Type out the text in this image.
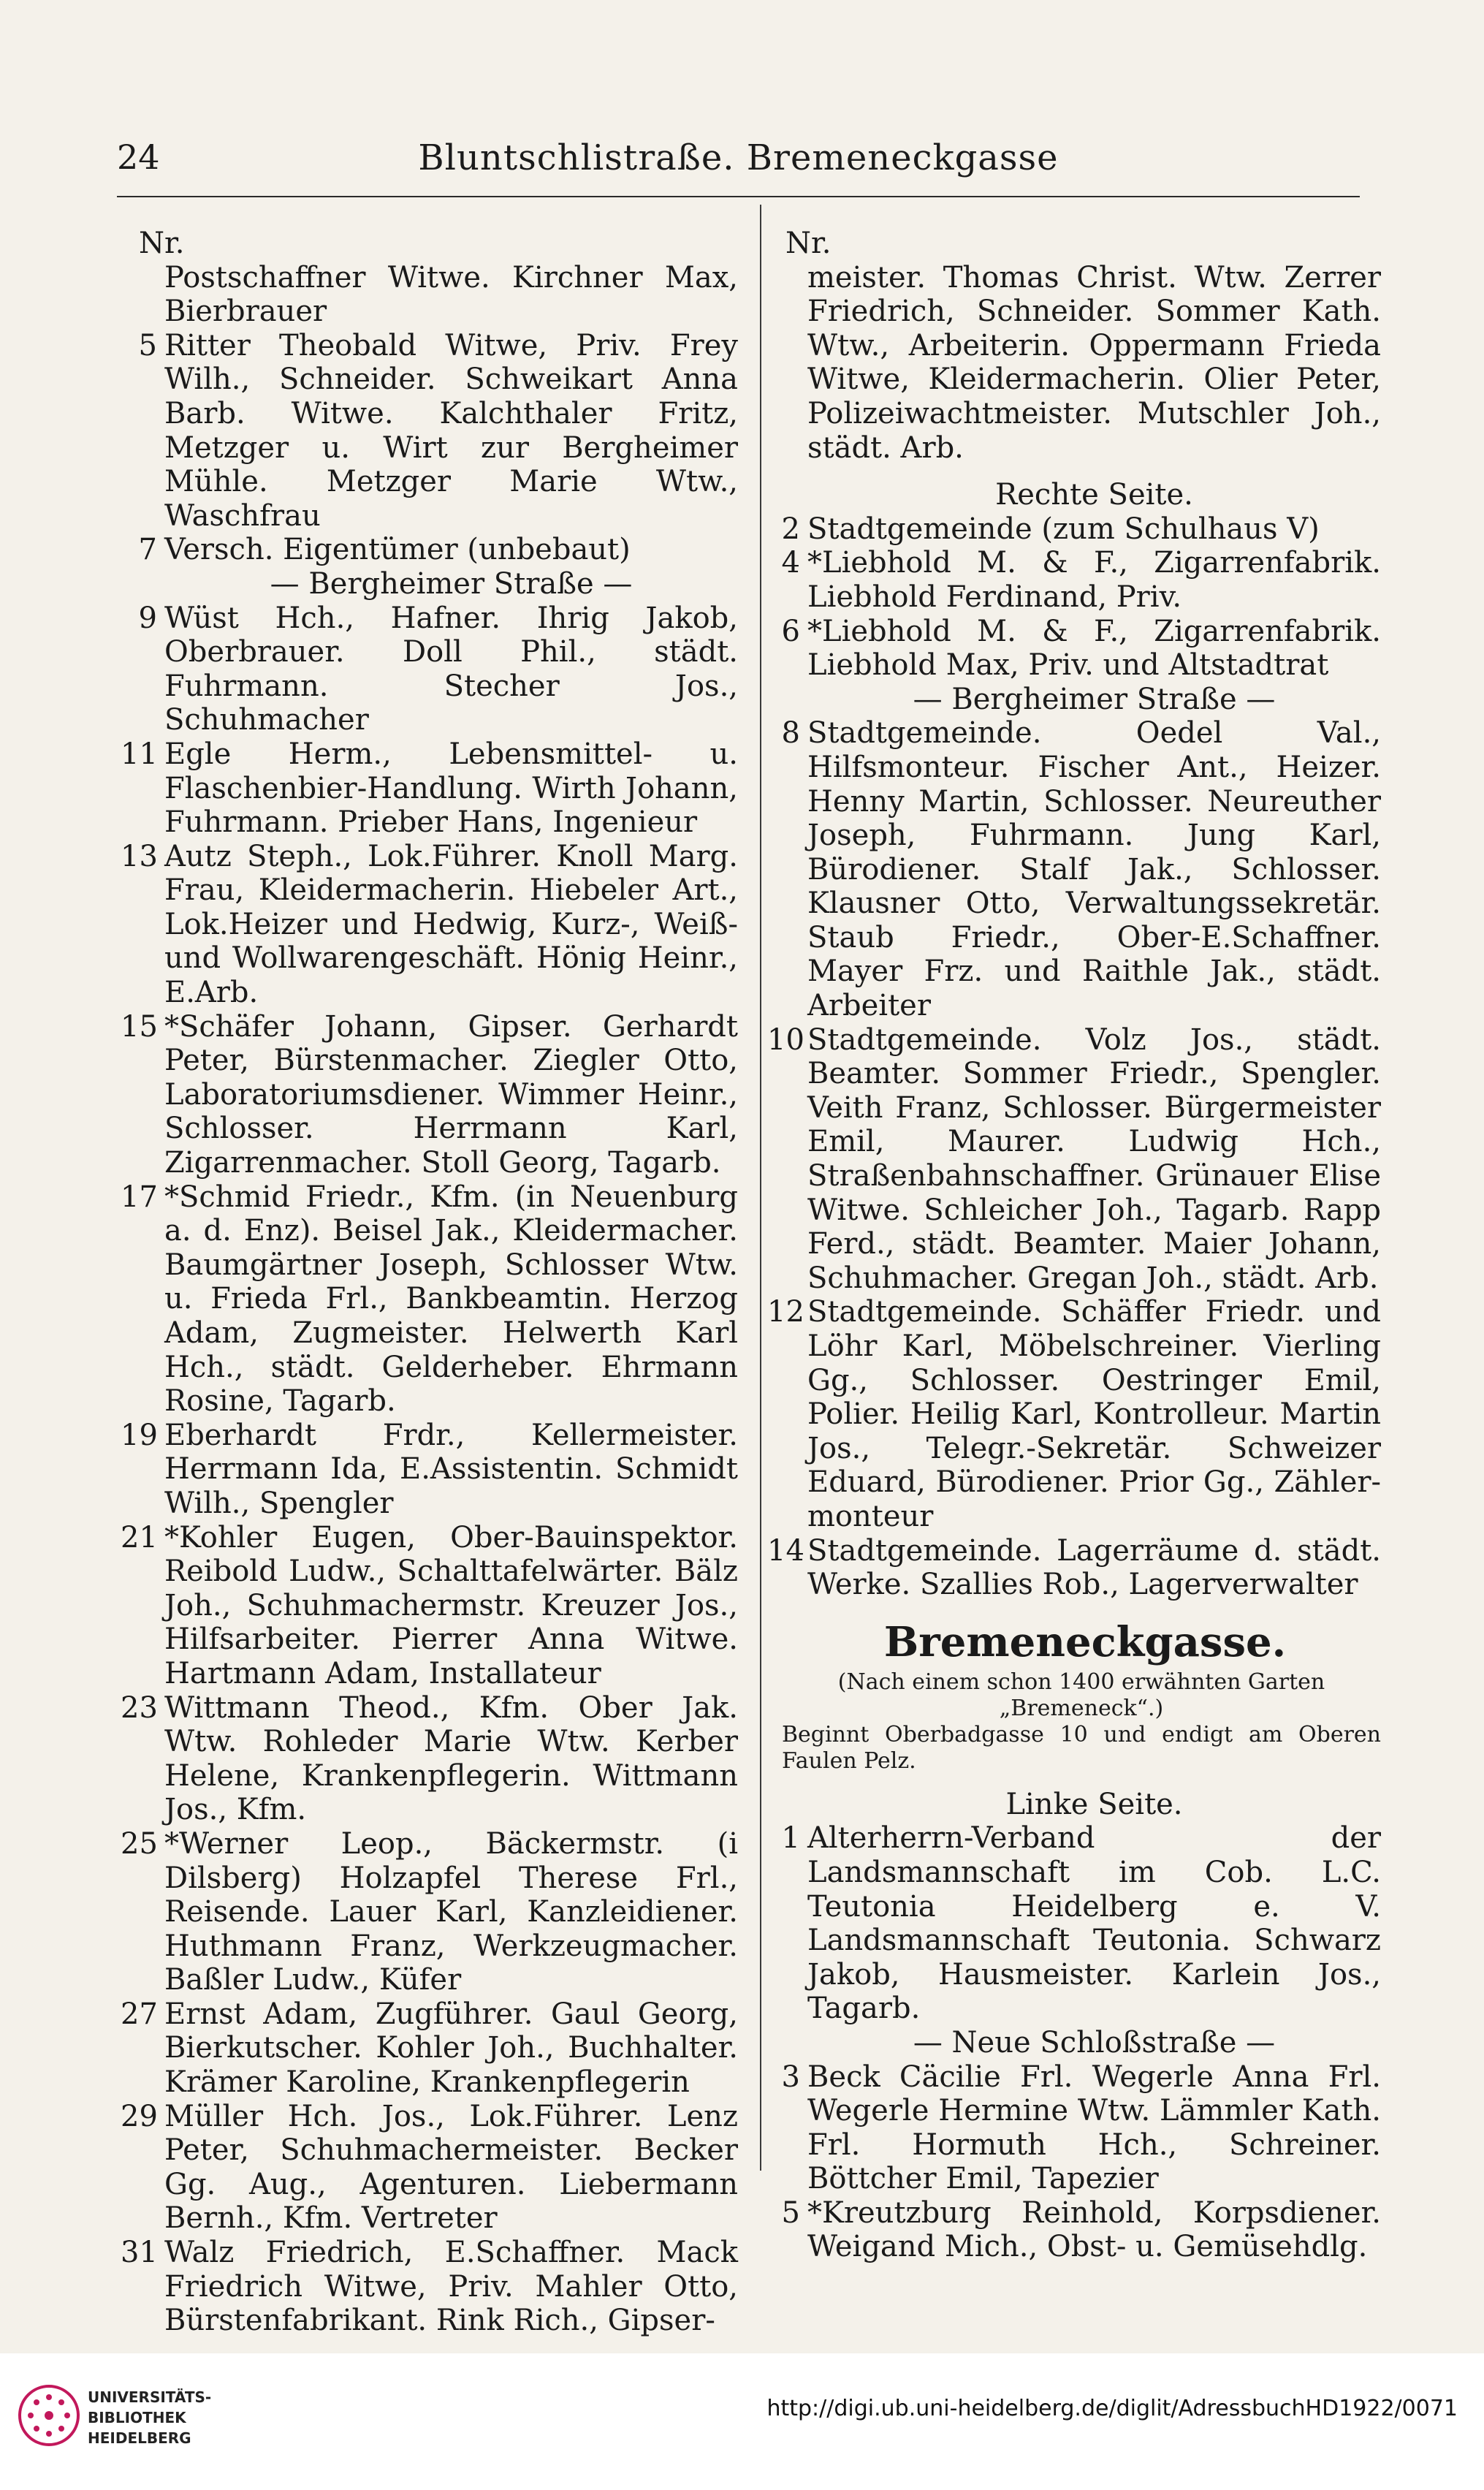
24	Bluntschlistraße. Bremeneckgasse
Nr.
Postschaffner Witwe. Kirchner Max, Bierbrauer
5 Ritter Theobald Witwe, Priv. Frey Wilh., Schneider. Schweikart Anna Barb. Witwe. Kalchthaler Fritz, Metzger u. Wirt zur Bergheimer Mühle. Metzger Marie Wtw., Waschfrau
7 Versch. Eigentümer (unbebaut)
— Bergheimer Straße —
9 Wüst Hch., Hafner. Ihrig Jakob, Oberbrauer. Doll Phil., städt. Fuhrmann. Stecher Jos., Schuhmacher
11 Egle Herm., Lebensmittel- u. Flaschenbier-Handlung. Wirth Johann, Fuhrmann. Prieber Hans, Ingenieur
13 Autz Steph., Lok.Führer. Knoll Marg. Frau, Kleidermacherin. Hiebeler Art., Lok.Heizer und Hedwig, Kurz-, Weiß- und Wollwarengeschäft. Hönig Heinr., E.Arb.
15 *Schäfer Johann, Gipser. Gerhardt Peter, Bürstenmacher. Ziegler Otto, Laboratoriumsdiener. Wimmer Heinr., Schlosser. Herrmann Karl, Zigarrenmacher. Stoll Georg, Tagarb.
17 *Schmid Friedr., Kfm. (in Neuenburg a. d. Enz). Beisel Jak., Kleidermacher. Baumgärtner Joseph, Schlosser Wtw. u. Frieda Frl., Bankbeamtin. Herzog Adam, Zugmeister. Helwerth Karl Hch., städt. Gelderheber. Ehrmann Rosine, Tagarb.
19 Eberhardt Frdr., Kellermeister. Herrmann Ida, E.Assistentin. Schmidt Wilh., Spengler
21 *Kohler Eugen, Ober-Bauinspektor. Reibold Ludw., Schalttafelwärter. Bälz Joh., Schuhmachermstr. Kreuzer Jos., Hilfsarbeiter. Pierrer Anna Witwe. Hartmann Adam, Installateur
23 Wittmann Theod., Kfm. Ober Jak. Wtw. Rohleder Marie Wtw. Kerber Helene, Krankenpflegerin. Wittmann Jos., Kfm.
25 *Werner Leop., Bäckermstr. (i Dilsberg) Holzapfel Therese Frl., Reisende. Lauer Karl, Kanzleidiener. Huthmann Franz, Werkzeugmacher. Baßler Ludw., Küfer
27 Ernst Adam, Zugführer. Gaul Georg, Bierkutscher. Kohler Joh., Buchhalter. Krämer Karoline, Krankenpflegerin
29 Müller Hch. Jos., Lok.Führer. Lenz Peter, Schuhmachermeister. Becker Gg. Aug., Agenturen. Liebermann Bernh., Kfm. Vertreter
31 Walz Friedrich, E.Schaffner. Mack Friedrich Witwe, Priv. Mahler Otto, Bürstenfabrikant. Rink Rich., Gipser-
Nr.
meister. Thomas Christ. Wtw. Zerrer Friedrich, Schneider. Sommer Kath. Wtw., Arbeiterin. Oppermann Frieda Witwe, Kleidermacherin. Olier Peter, Polizeiwachtmeister. Mutschler Joh., städt. Arb.
Rechte Seite.
2 Stadtgemeinde (zum Schulhaus V)
4 *Liebhold M. & F., Zigarrenfabrik. Liebhold Ferdinand, Priv.
6 *Liebhold M. & F., Zigarrenfabrik. Liebhold Max, Priv. und Altstadtrat
— Bergheimer Straße —
8 Stadtgemeinde. Oedel Val., Hilfsmonteur. Fischer Ant., Heizer. Henny Martin, Schlosser. Neureuther Joseph, Fuhrmann. Jung Karl, Bürodiener. Stalf Jak., Schlosser. Klausner Otto, Verwaltungssekretär. Staub Friedr., Ober-E.Schaffner. Mayer Frz. und Raithle Jak., städt. Arbeiter
10 Stadtgemeinde. Volz Jos., städt. Beamter. Sommer Friedr., Spengler. Veith Franz, Schlosser. Bürgermeister Emil, Maurer. Ludwig Hch., Straßenbahnschaffner. Grünauer Elise Witwe. Schleicher Joh., Tagarb. Rapp Ferd., städt. Beamter. Maier Johann, Schuhmacher. Gregan Joh., städt. Arb.
12 Stadtgemeinde. Schäffer Friedr. und Löhr Karl, Möbelschreiner. Vierling Gg., Schlosser. Oestringer Emil, Polier. Heilig Karl, Kontrolleur. Martin Jos., Telegr.-Sekretär. Schweizer Eduard, Bürodiener. Prior Gg., Zähler-monteur
14 Stadtgemeinde. Lagerräume d. städt. Werke. Szallies Rob., Lagerverwalter
Bremeneckgasse.
(Nach einem schon 1400 erwähnten Garten „Bremeneck“.)
Beginnt Oberbadgasse 10 und endigt am Oberen Faulen Pelz.
Linke Seite.
1 Alterherrn-Verband der Landsmannschaft im Cob. L.C. Teutonia Heidelberg e. V. Landsmannschaft Teutonia. Schwarz Jakob, Hausmeister. Karlein Jos., Tagarb.
— Neue Schloßstraße —
3 Beck Cäcilie Frl. Wegerle Anna Frl. Wegerle Hermine Wtw. Lämmler Kath. Frl. Hormuth Hch., Schreiner. Böttcher Emil, Tapezier
5 *Kreutzburg Reinhold, Korpsdiener. Weigand Mich., Obst- u. Gemüsehdlg.
UNIVERSITÄTS-
BIBLIOTHEK
HEIDELBERG
http://digi.ub.uni-heidelberg.de/diglit/AdressbuchHD1922/0071
